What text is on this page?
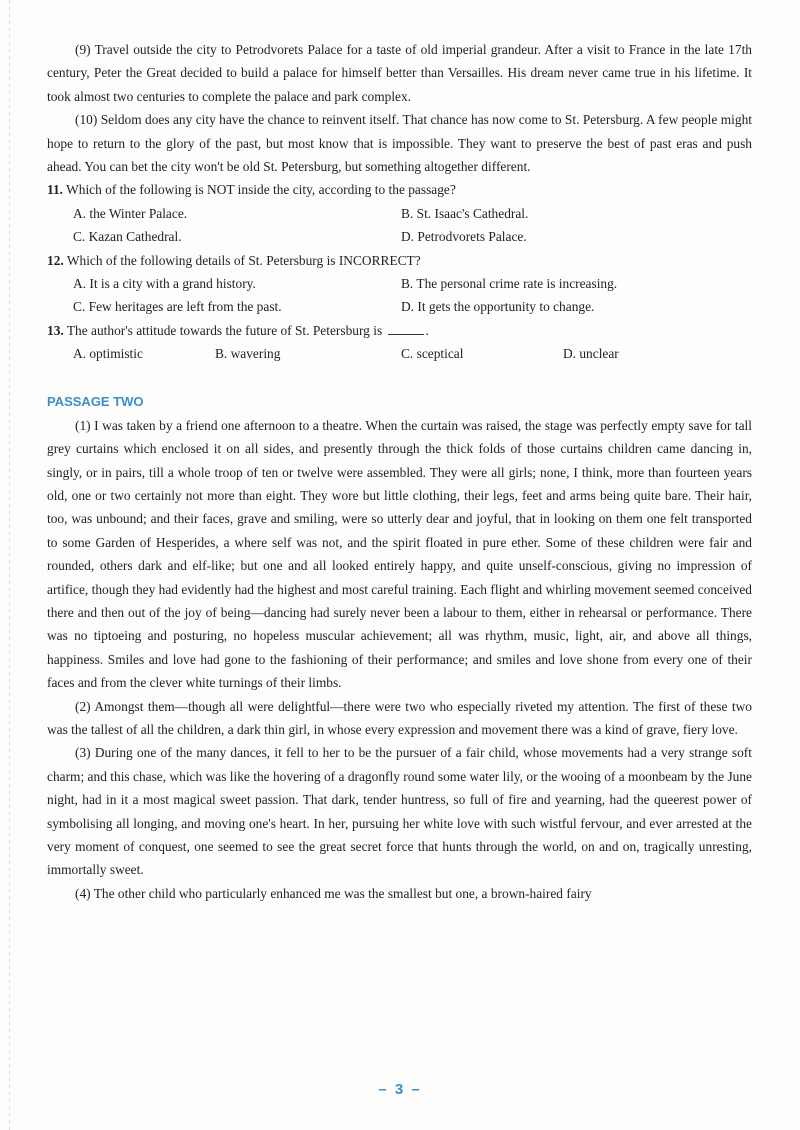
(9) Travel outside the city to Petrodvorets Palace for a taste of old imperial grandeur. After a visit to France in the late 17th century, Peter the Great decided to build a palace for himself better than Versailles. His dream never came true in his lifetime. It took almost two centuries to complete the palace and park complex.

(10) Seldom does any city have the chance to reinvent itself. That chance has now come to St. Petersburg. A few people might hope to return to the glory of the past, but most know that is impossible. They want to preserve the best of past eras and push ahead. You can bet the city won't be old St. Petersburg, but something altogether different.

11. Which of the following is NOT inside the city, according to the passage?

A. the Winter Palace.	B. St. Isaac's Cathedral.
C. Kazan Cathedral.	D. Petrodvorets Palace.

12. Which of the following details of St. Petersburg is INCORRECT?

A. It is a city with a grand history.	B. The personal crime rate is increasing.
C. Few heritages are left from the past.	D. It gets the opportunity to change.

13. The author's attitude towards the future of St. Petersburg is	.

A. optimistic	B. wavering	C. sceptical	D. unclear
PASSAGE TWO

(1) I was taken by a friend one afternoon to a theatre. When the curtain was raised, the stage was perfectly empty save for tall grey curtains which enclosed it on all sides, and presently through the thick folds of those curtains children came dancing in, singly, or in pairs, till a whole troop of ten or twelve were assembled. They were all girls; none, I think, more than fourteen years old, one or two certainly not more than eight. They wore but little clothing, their legs, feet and arms being quite bare. Their hair, too, was unbound; and their faces, grave and smiling, were so utterly dear and joyful, that in looking on them one felt transported to some Garden of Hesperides, a where self was not, and the spirit floated in pure ether. Some of these children were fair and rounded, others dark and elf-like; but one and all looked entirely happy, and quite unself-conscious, giving no impression of artifice, though they had evidently had the highest and most careful training. Each flight and whirling movement seemed conceived there and then out of the joy of being—dancing had surely never been a labour to them, either in rehearsal or performance. There was no tiptoeing and posturing, no hopeless muscular achievement; all was rhythm, music, light, air, and above all things, happiness. Smiles and love had gone to the fashioning of their performance; and smiles and love shone from every one of their faces and from the clever white turnings of their limbs.

(2) Amongst them—though all were delightful—there were two who especially riveted my attention. The first of these two was the tallest of all the children, a dark thin girl, in whose every expression and movement there was a kind of grave, fiery love.

(3) During one of the many dances, it fell to her to be the pursuer of a fair child, whose movements had a very strange soft charm; and this chase, which was like the hovering of a dragonfly round some water lily, or the wooing of a moonbeam by the June night, had in it a most magical sweet passion. That dark, tender huntress, so full of fire and yearning, had the queerest power of symbolising all longing, and moving one's heart. In her, pursuing her white love with such wistful fervour, and ever arrested at the very moment of conquest, one seemed to see the great secret force that hunts through the world, on and on, tragically unresting, immortally sweet.

(4) The other child who particularly enhanced me was the smallest but one, a brown-haired fairy

– 3 –
